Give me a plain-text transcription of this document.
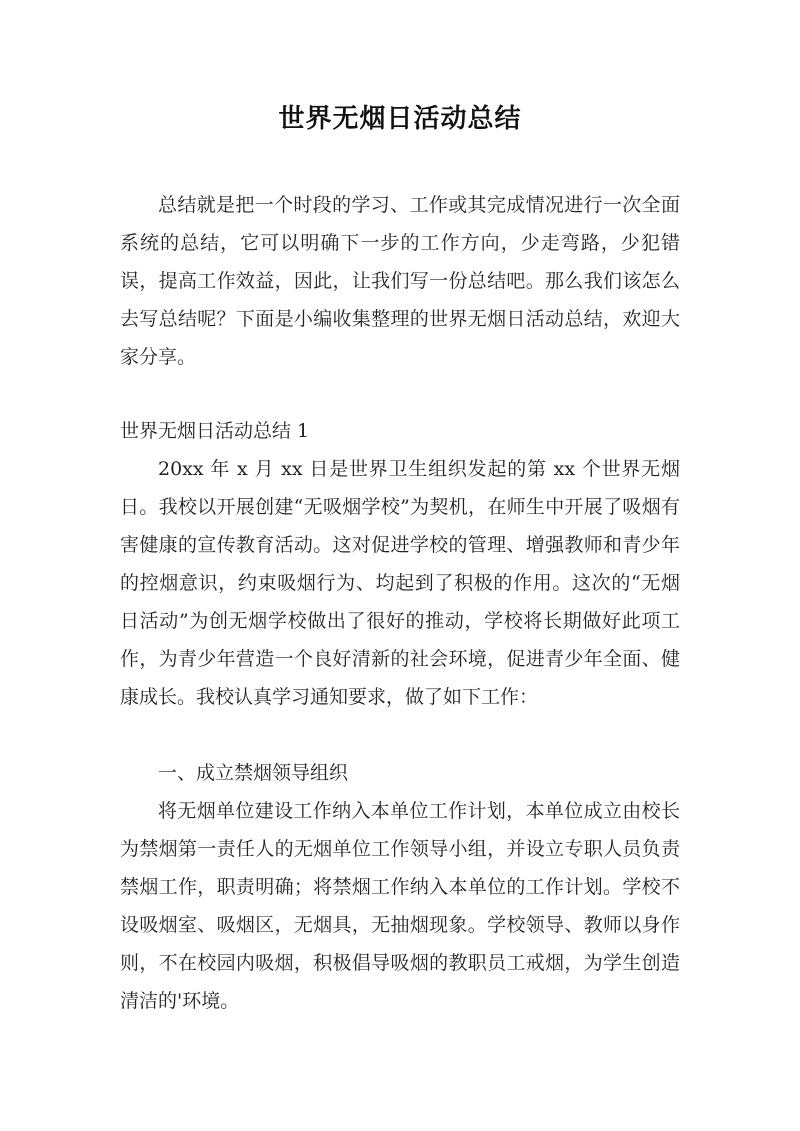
世界无烟日活动总结

总结就是把一个时段的学习、工作或其完成情况进行一次全面系统的总结，它可以明确下一步的工作方向，少走弯路，少犯错误，提高工作效益，因此，让我们写一份总结吧。那么我们该怎么去写总结呢？下面是小编收集整理的世界无烟日活动总结，欢迎大家分享。

世界无烟日活动总结 1

20xx 年 x 月 xx 日是世界卫生组织发起的第 xx 个世界无烟日。我校以开展创建“无吸烟学校”为契机，在师生中开展了吸烟有害健康的宣传教育活动。这对促进学校的管理、增强教师和青少年的控烟意识，约束吸烟行为、均起到了积极的作用。这次的“无烟日活动”为创无烟学校做出了很好的推动，学校将长期做好此项工作，为青少年营造一个良好清新的社会环境，促进青少年全面、健康成长。我校认真学习通知要求，做了如下工作：

一、成立禁烟领导组织

将无烟单位建设工作纳入本单位工作计划，本单位成立由校长为禁烟第一责任人的无烟单位工作领导小组，并设立专职人员负责禁烟工作，职责明确；将禁烟工作纳入本单位的工作计划。学校不设吸烟室、吸烟区，无烟具，无抽烟现象。学校领导、教师以身作则，不在校园内吸烟，积极倡导吸烟的教职员工戒烟，为学生创造清洁的'环境。
